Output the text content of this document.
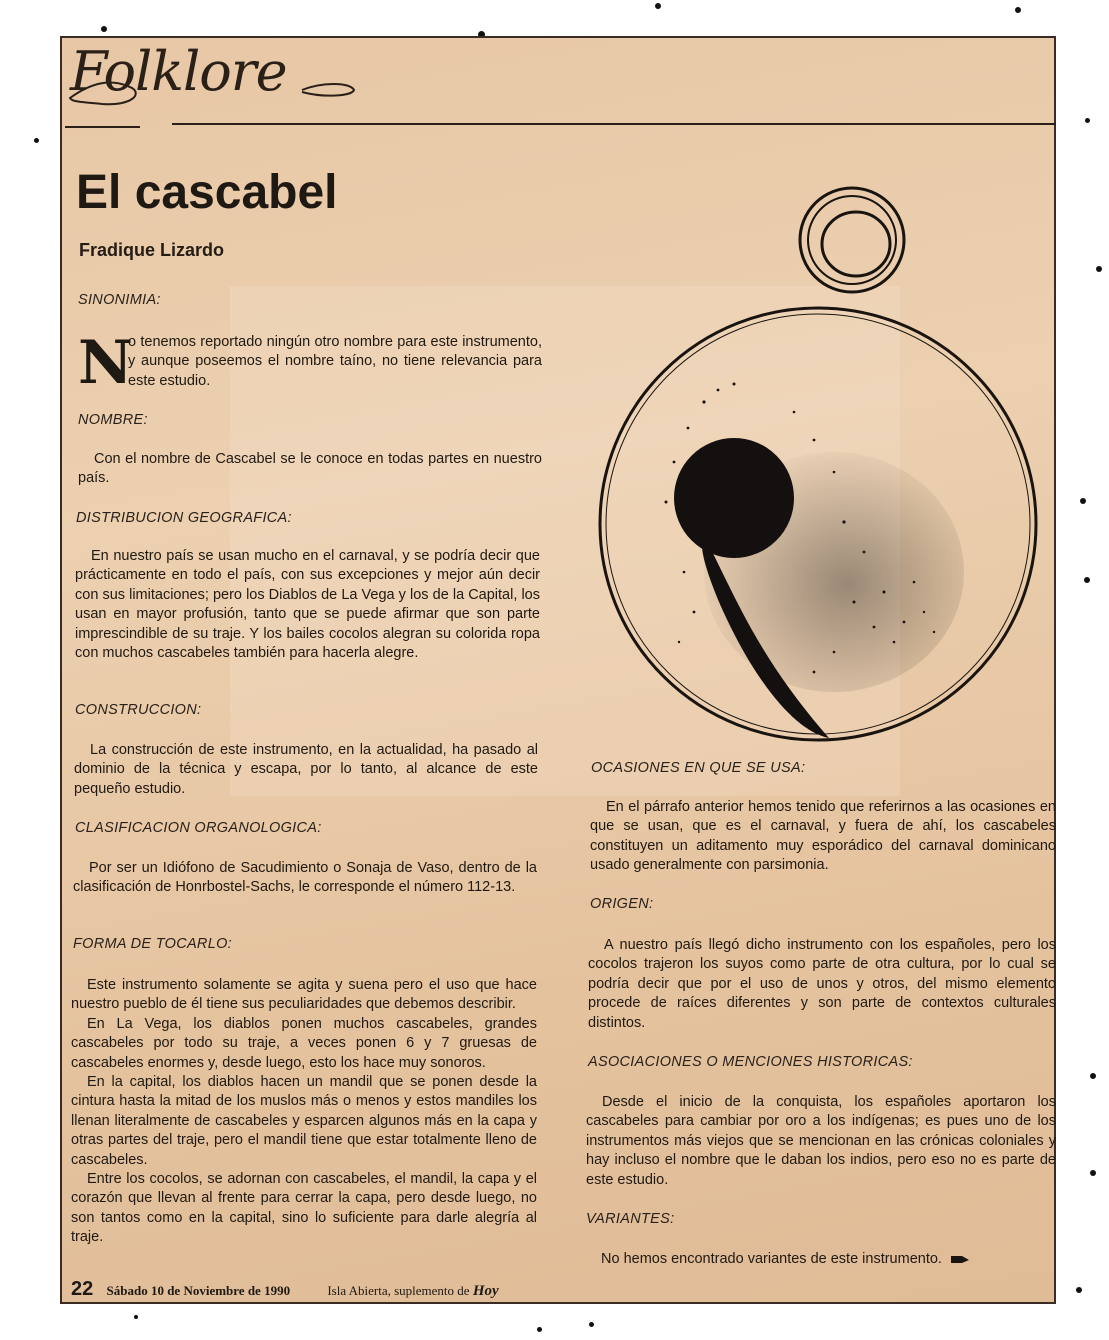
Folklore
El cascabel
Fradique Lizardo
SINONIMIA:
N
o tenemos reportado ningún otro nombre para este instrumento, y aunque poseemos el nombre taíno, no tiene relevancia para este estudio.
NOMBRE:

Con el nombre de Cascabel se le conoce en todas partes en nuestro país.

DISTRIBUCION GEOGRAFICA:

En nuestro país se usan mucho en el carnaval, y se podría decir que prácticamente en todo el país, con sus excepciones y mejor aún decir con sus limitaciones; pero los Diablos de La Vega y los de la Capital, los usan en mayor profusión, tanto que se puede afirmar que son parte imprescindible de su traje. Y los bailes cocolos alegran su colorida ropa con muchos cascabeles también para hacerla alegre.

CONSTRUCCION:

La construcción de este instrumento, en la actualidad, ha pasado al dominio de la técnica y escapa, por lo tanto, al alcance de este pequeño estudio.

CLASIFICACION ORGANOLOGICA:

Por ser un Idiófono de Sacudimiento o Sonaja de Vaso, dentro de la clasificación de Honrbostel-Sachs, le corresponde el número 112-13.

FORMA DE TOCARLO:

Este instrumento solamente se agita y suena pero el uso que hace nuestro pueblo de él tiene sus peculiaridades que debemos describir.

En La Vega, los diablos ponen muchos cascabeles, grandes cascabeles por todo su traje, a veces ponen 6 y 7 gruesas de cascabeles enormes y, desde luego, esto los hace muy sonoros.

En la capital, los diablos hacen un mandil que se ponen desde la cintura hasta la mitad de los muslos más o menos y estos mandiles los llenan literalmente de cascabeles y esparcen algunos más en la capa y otras partes del traje, pero el mandil tiene que estar totalmente lleno de cascabeles.

Entre los cocolos, se adornan con cascabeles, el mandil, la capa y el corazón que llevan al frente para cerrar la capa, pero desde luego, no son tantos como en la capital, sino lo suficiente para darle alegría al traje.

OCASIONES EN QUE SE USA:

En el párrafo anterior hemos tenido que referirnos a las ocasiones en que se usan, que es el carnaval, y fuera de ahí, los cascabeles constituyen un aditamento muy esporádico del carnaval dominicano usado generalmente con parsimonia.

ORIGEN:

A nuestro país llegó dicho instrumento con los españoles, pero los cocolos trajeron los suyos como parte de otra cultura, por lo cual se podría decir que por el uso de unos y otros, del mismo elemento procede de raíces diferentes y son parte de contextos culturales distintos.

ASOCIACIONES O MENCIONES HISTORICAS:

Desde el inicio de la conquista, los españoles aportaron los cascabeles para cambiar por oro a los indígenas; es pues uno de los instrumentos más viejos que se mencionan en las crónicas coloniales y hay incluso el nombre que le daban los indios, pero eso no es parte de este estudio.

VARIANTES:

No hemos encontrado variantes de este instrumento.

22 Sábado 10 de Noviembre de 1990	Isla Abierta, suplemento de Hoy
